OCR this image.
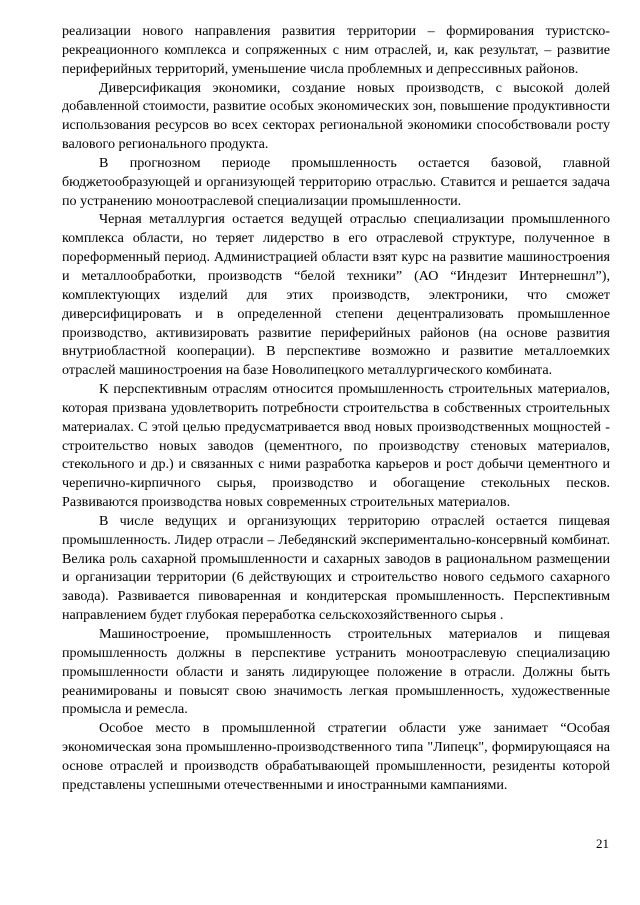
реализации нового направления развития территории – формирования туристско-рекреационного комплекса и сопряженных с ним отраслей, и, как результат, – развитие периферийных территорий, уменьшение числа проблемных и депрессивных районов.

Диверсификация экономики, создание новых производств, с высокой долей добавленной стоимости, развитие особых экономических зон, повышение продуктивности использования ресурсов во всех секторах региональной экономики способствовали росту валового регионального продукта.

В прогнозном периоде промышленность остается базовой, главной бюджетообразующей и организующей территорию отраслью. Ставится и решается задача по устранению моноотраслевой специализации промышленности.

Черная металлургия остается ведущей отраслью специализации промышленного комплекса области, но теряет лидерство в его отраслевой структуре, полученное в пореформенный период. Администрацией области взят курс на развитие машиностроения и металлообработки, производств “белой техники” (АО “Индезит Интернешнл”), комплектующих изделий для этих производств, электроники, что сможет диверсифицировать и в определенной степени децентрализовать промышленное производство, активизировать развитие периферийных районов (на основе развития внутриобластной кооперации). В перспективе возможно и развитие металлоемких отраслей машиностроения на базе Новолипецкого металлургического комбината.

К перспективным отраслям относится промышленность строительных материалов, которая призвана удовлетворить потребности строительства в собственных строительных материалах. С этой целью предусматривается ввод новых производственных мощностей - строительство новых заводов (цементного, по производству стеновых материалов, стекольного и др.) и связанных с ними разработка карьеров и рост добычи цементного и черепично-кирпичного сырья, производство и обогащение стекольных песков. Развиваются производства новых современных строительных материалов.

В числе ведущих и организующих территорию отраслей остается пищевая промышленность. Лидер отрасли – Лебедянский экспериментально-консервный комбинат. Велика роль сахарной промышленности и сахарных заводов в рациональном размещении и организации территории (6 действующих и строительство нового седьмого сахарного завода). Развивается пивоваренная и кондитерская промышленность. Перспективным направлением будет глубокая переработка сельскохозяйственного сырья .

Машиностроение, промышленность строительных материалов и пищевая промышленность должны в перспективе устранить моноотраслевую специализацию промышленности области и занять лидирующее положение в отрасли. Должны быть реанимированы и повысят свою значимость легкая промышленность, художественные промысла и ремесла.

Особое место в промышленной стратегии области уже занимает “Особая экономическая зона промышленно-производственного типа "Липецк", формирующаяся на основе отраслей и производств обрабатывающей промышленности, резиденты которой представлены успешными отечественными и иностранными кампаниями.

21
